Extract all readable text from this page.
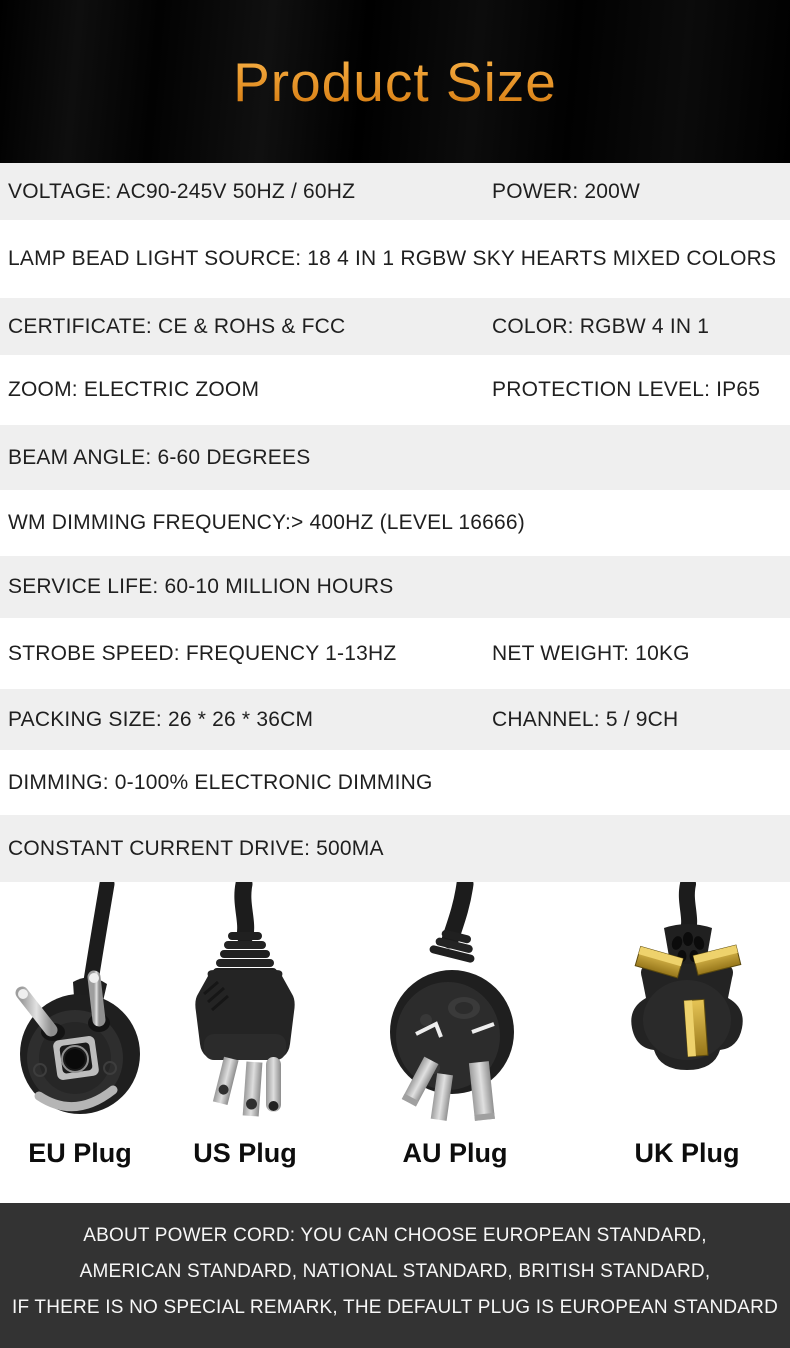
Product Size
VOLTAGE: AC90-245V 50HZ / 60HZ	POWER: 200W
LAMP BEAD LIGHT SOURCE: 18 4 IN 1 RGBW SKY HEARTS MIXED COLORS
CERTIFICATE: CE & ROHS & FCC	COLOR: RGBW 4 IN 1
ZOOM: ELECTRIC ZOOM	PROTECTION LEVEL: IP65
BEAM ANGLE: 6-60 DEGREES
WM DIMMING FREQUENCY:> 400HZ (LEVEL 16666)
SERVICE LIFE: 60-10 MILLION HOURS
STROBE SPEED: FREQUENCY 1-13HZ	NET WEIGHT: 10KG
PACKING SIZE: 26 * 26 * 36CM	CHANNEL: 5 / 9CH
DIMMING: 0-100% ELECTRONIC DIMMING
CONSTANT CURRENT DRIVE: 500MA
EU Plug	US Plug	AU Plug	UK Plug
ABOUT POWER CORD: YOU CAN CHOOSE EUROPEAN STANDARD,
AMERICAN STANDARD, NATIONAL STANDARD, BRITISH STANDARD,
IF THERE IS NO SPECIAL REMARK, THE DEFAULT PLUG IS EUROPEAN STANDARD
